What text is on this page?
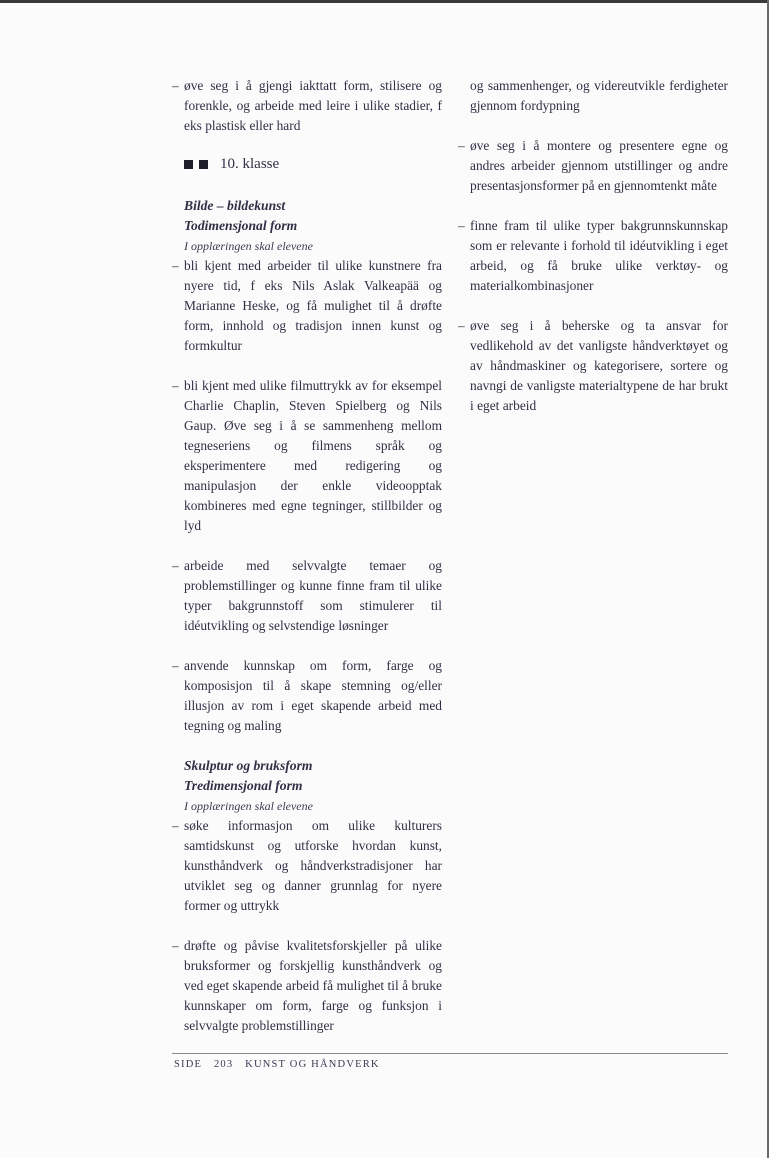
– øve seg i å gjengi iakttatt form, stilisere og forenkle, og arbeide med leire i ulike stadier, f eks plastisk eller hard

10. klasse
Bilde – bildekunst
Todimensjonal form
I opplæringen skal elevene

– bli kjent med arbeider til ulike kunstnere fra nyere tid, f eks Nils Aslak Valkeapää og Marianne Heske, og få mulighet til å drøfte form, innhold og tradisjon innen kunst og formkultur

– bli kjent med ulike filmuttrykk av for eksempel Charlie Chaplin, Steven Spielberg og Nils Gaup. Øve seg i å se sammenheng mellom tegneseriens og filmens språk og eksperimentere med redigering og manipulasjon der enkle videoopptak kombineres med egne tegninger, stillbilder og lyd

– arbeide med selvvalgte temaer og problemstillinger og kunne finne fram til ulike typer bakgrunnstoff som stimulerer til idéutvikling og selvstendige løsninger

– anvende kunnskap om form, farge og komposisjon til å skape stemning og/eller illusjon av rom i eget skapende arbeid med tegning og maling

Skulptur og bruksform
Tredimensjonal form
I opplæringen skal elevene

– søke informasjon om ulike kulturers samtidskunst og utforske hvordan kunst, kunsthåndverk og håndverkstradisjoner har utviklet seg og danner grunnlag for nyere former og uttrykk

– drøfte og påvise kvalitetsforskjeller på ulike bruksformer og forskjellig kunsthåndverk og ved eget skapende arbeid få mulighet til å bruke kunnskaper om form, farge og funksjon i selvvalgte problemstillinger

og sammenhenger, og videreutvikle ferdigheter gjennom fordypning

– øve seg i å montere og presentere egne og andres arbeider gjennom utstillinger og andre presentasjonsformer på en gjennomtenkt måte

– finne fram til ulike typer bakgrunnskunnskap som er relevante i forhold til idéutvikling i eget arbeid, og få bruke ulike verktøy- og materialkombinasjoner

– øve seg i å beherske og ta ansvar for vedlikehold av det vanligste håndverktøyet og av håndmaskiner og kategorisere, sortere og navngi de vanligste materialtypene de har brukt i eget arbeid

SIDE 203 KUNST OG HÅNDVERK
